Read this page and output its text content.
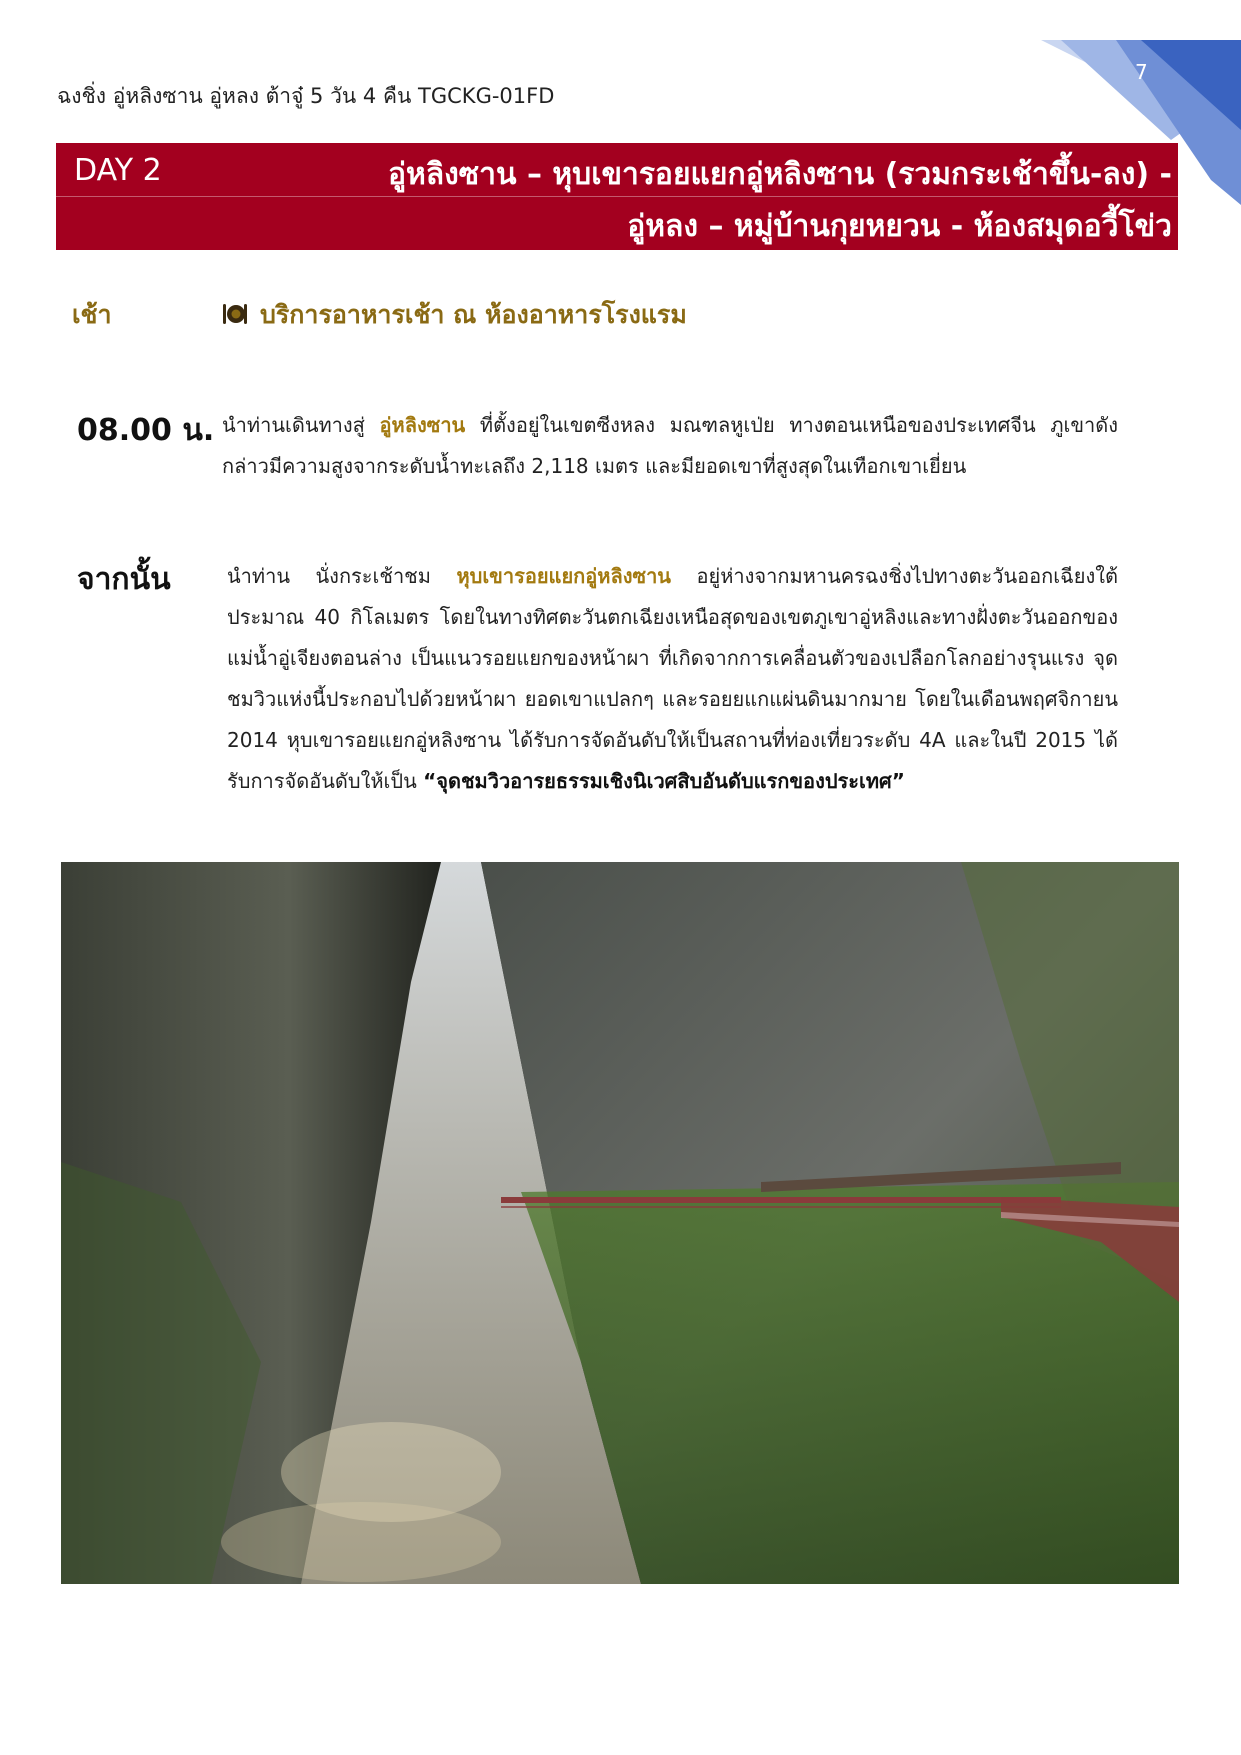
7
ฉงชิ่ง อู่หลิงซาน อู่หลง ต้าจู๋ 5 วัน 4 คืน TGCKG-01FD
DAY 2	อู่หลิงซาน – หุบเขารอยแยกอู่หลิงซาน (รวมกระเช้าขึ้น-ลง) -
อู่หลง – หมู่บ้านกุยหยวน - ห้องสมุดอวี้โข่ว
เช้า	บริการอาหารเช้า ณ ห้องอาหารโรงแรม
08.00 น. นำท่านเดินทางสู่ อู่หลิงซาน ที่ตั้งอยู่ในเขตซีงหลง มณฑลหูเป่ย ทางตอนเหนือของประเทศจีน ภูเขาดังกล่าวมีความสูงจากระดับน้ำทะเลถึง 2,118 เมตร และมียอดเขาที่สูงสุดในเทือกเขาเยี่ยน
จากนั้น	นำท่าน นั่งกระเช้าชม หุบเขารอยแยกอู่หลิงซาน อยู่ห่างจากมหานครฉงชิ่งไปทางตะวันออกเฉียงใต้ประมาณ 40 กิโลเมตร โดยในทางทิศตะวันตกเฉียงเหนือสุดของเขตภูเขาอู่หลิงและทางฝั่งตะวันออกของแม่น้ำอู่เจียงตอนล่าง เป็นแนวรอยแยกของหน้าผา ที่เกิดจากการเคลื่อนตัวของเปลือกโลกอย่างรุนแรง จุดชมวิวแห่งนี้ประกอบไปด้วยหน้าผา ยอดเขาแปลกๆ และรอยยแกแผ่นดินมากมาย โดยในเดือนพฤศจิกายน 2014 หุบเขารอยแยกอู่หลิงซาน ได้รับการจัดอันดับให้เป็นสถานที่ท่องเที่ยวระดับ 4A และในปี 2015 ได้รับการจัดอันดับให้เป็น “จุดชมวิวอารยธรรมเชิงนิเวศสิบอันดับแรกของประเทศ”
